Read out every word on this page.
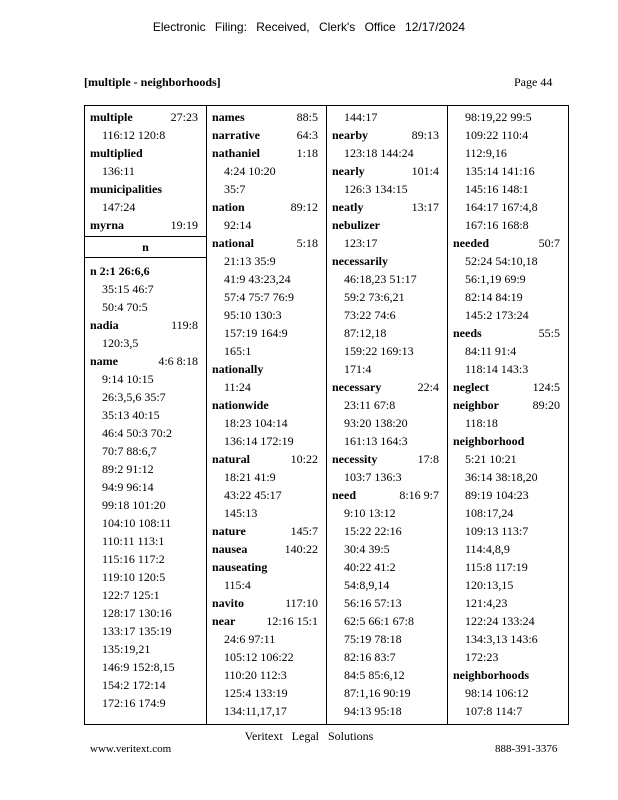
Electronic Filing: Received, Clerk's Office 12/17/2024
[multiple - neighborhoods]	Page 44
multiple	27:23
116:12 120:8
multiplied
136:11
municipalities
147:24
myrna	19:19
n
n 2:1 26:6,6
35:15 46:7
50:4 70:5
nadia	119:8
120:3,5
name	4:6 8:18
9:14 10:15
26:3,5,6 35:7
35:13 40:15
46:4 50:3 70:2
70:7 88:6,7
89:2 91:12
94:9 96:14
99:18 101:20
104:10 108:11
110:11 113:1
115:16 117:2
119:10 120:5
122:7 125:1
128:17 130:16
133:17 135:19
135:19,21
146:9 152:8,15
154:2 172:14
172:16 174:9
names	88:5
narrative	64:3
nathaniel	1:18
4:24 10:20
35:7
nation	89:12
92:14
national	5:18
21:13 35:9
41:9 43:23,24
57:4 75:7 76:9
95:10 130:3
157:19 164:9
165:1
nationally
11:24
nationwide
18:23 104:14
136:14 172:19
natural	10:22
18:21 41:9
43:22 45:17
145:13
nature	145:7
nausea	140:22
nauseating
115:4
navito	117:10
near	12:16 15:1
24:6 97:11
105:12 106:22
110:20 112:3
125:4 133:19
134:11,17,17
144:17
nearby	89:13
123:18 144:24
nearly	101:4
126:3 134:15
neatly	13:17
nebulizer
123:17
necessarily
46:18,23 51:17
59:2 73:6,21
73:22 74:6
87:12,18
159:22 169:13
171:4
necessary	22:4
23:11 67:8
93:20 138:20
161:13 164:3
necessity	17:8
103:7 136:3
need	8:16 9:7
9:10 13:12
15:22 22:16
30:4 39:5
40:22 41:2
54:8,9,14
56:16 57:13
62:5 66:1 67:8
75:19 78:18
82:16 83:7
84:5 85:6,12
87:1,16 90:19
94:13 95:18
98:19,22 99:5
109:22 110:4
112:9,16
135:14 141:16
145:16 148:1
164:17 167:4,8
167:16 168:8
needed	50:7
52:24 54:10,18
56:1,19 69:9
82:14 84:19
145:2 173:24
needs	55:5
84:11 91:4
118:14 143:3
neglect	124:5
neighbor	89:20
118:18
neighborhood
5:21 10:21
36:14 38:18,20
89:19 104:23
108:17,24
109:13 113:7
114:4,8,9
115:8 117:19
120:13,15
121:4,23
122:24 133:24
134:3,13 143:6
172:23
neighborhoods
98:14 106:12
107:8 114:7
Veritext Legal Solutions
www.veritext.com	888-391-3376
